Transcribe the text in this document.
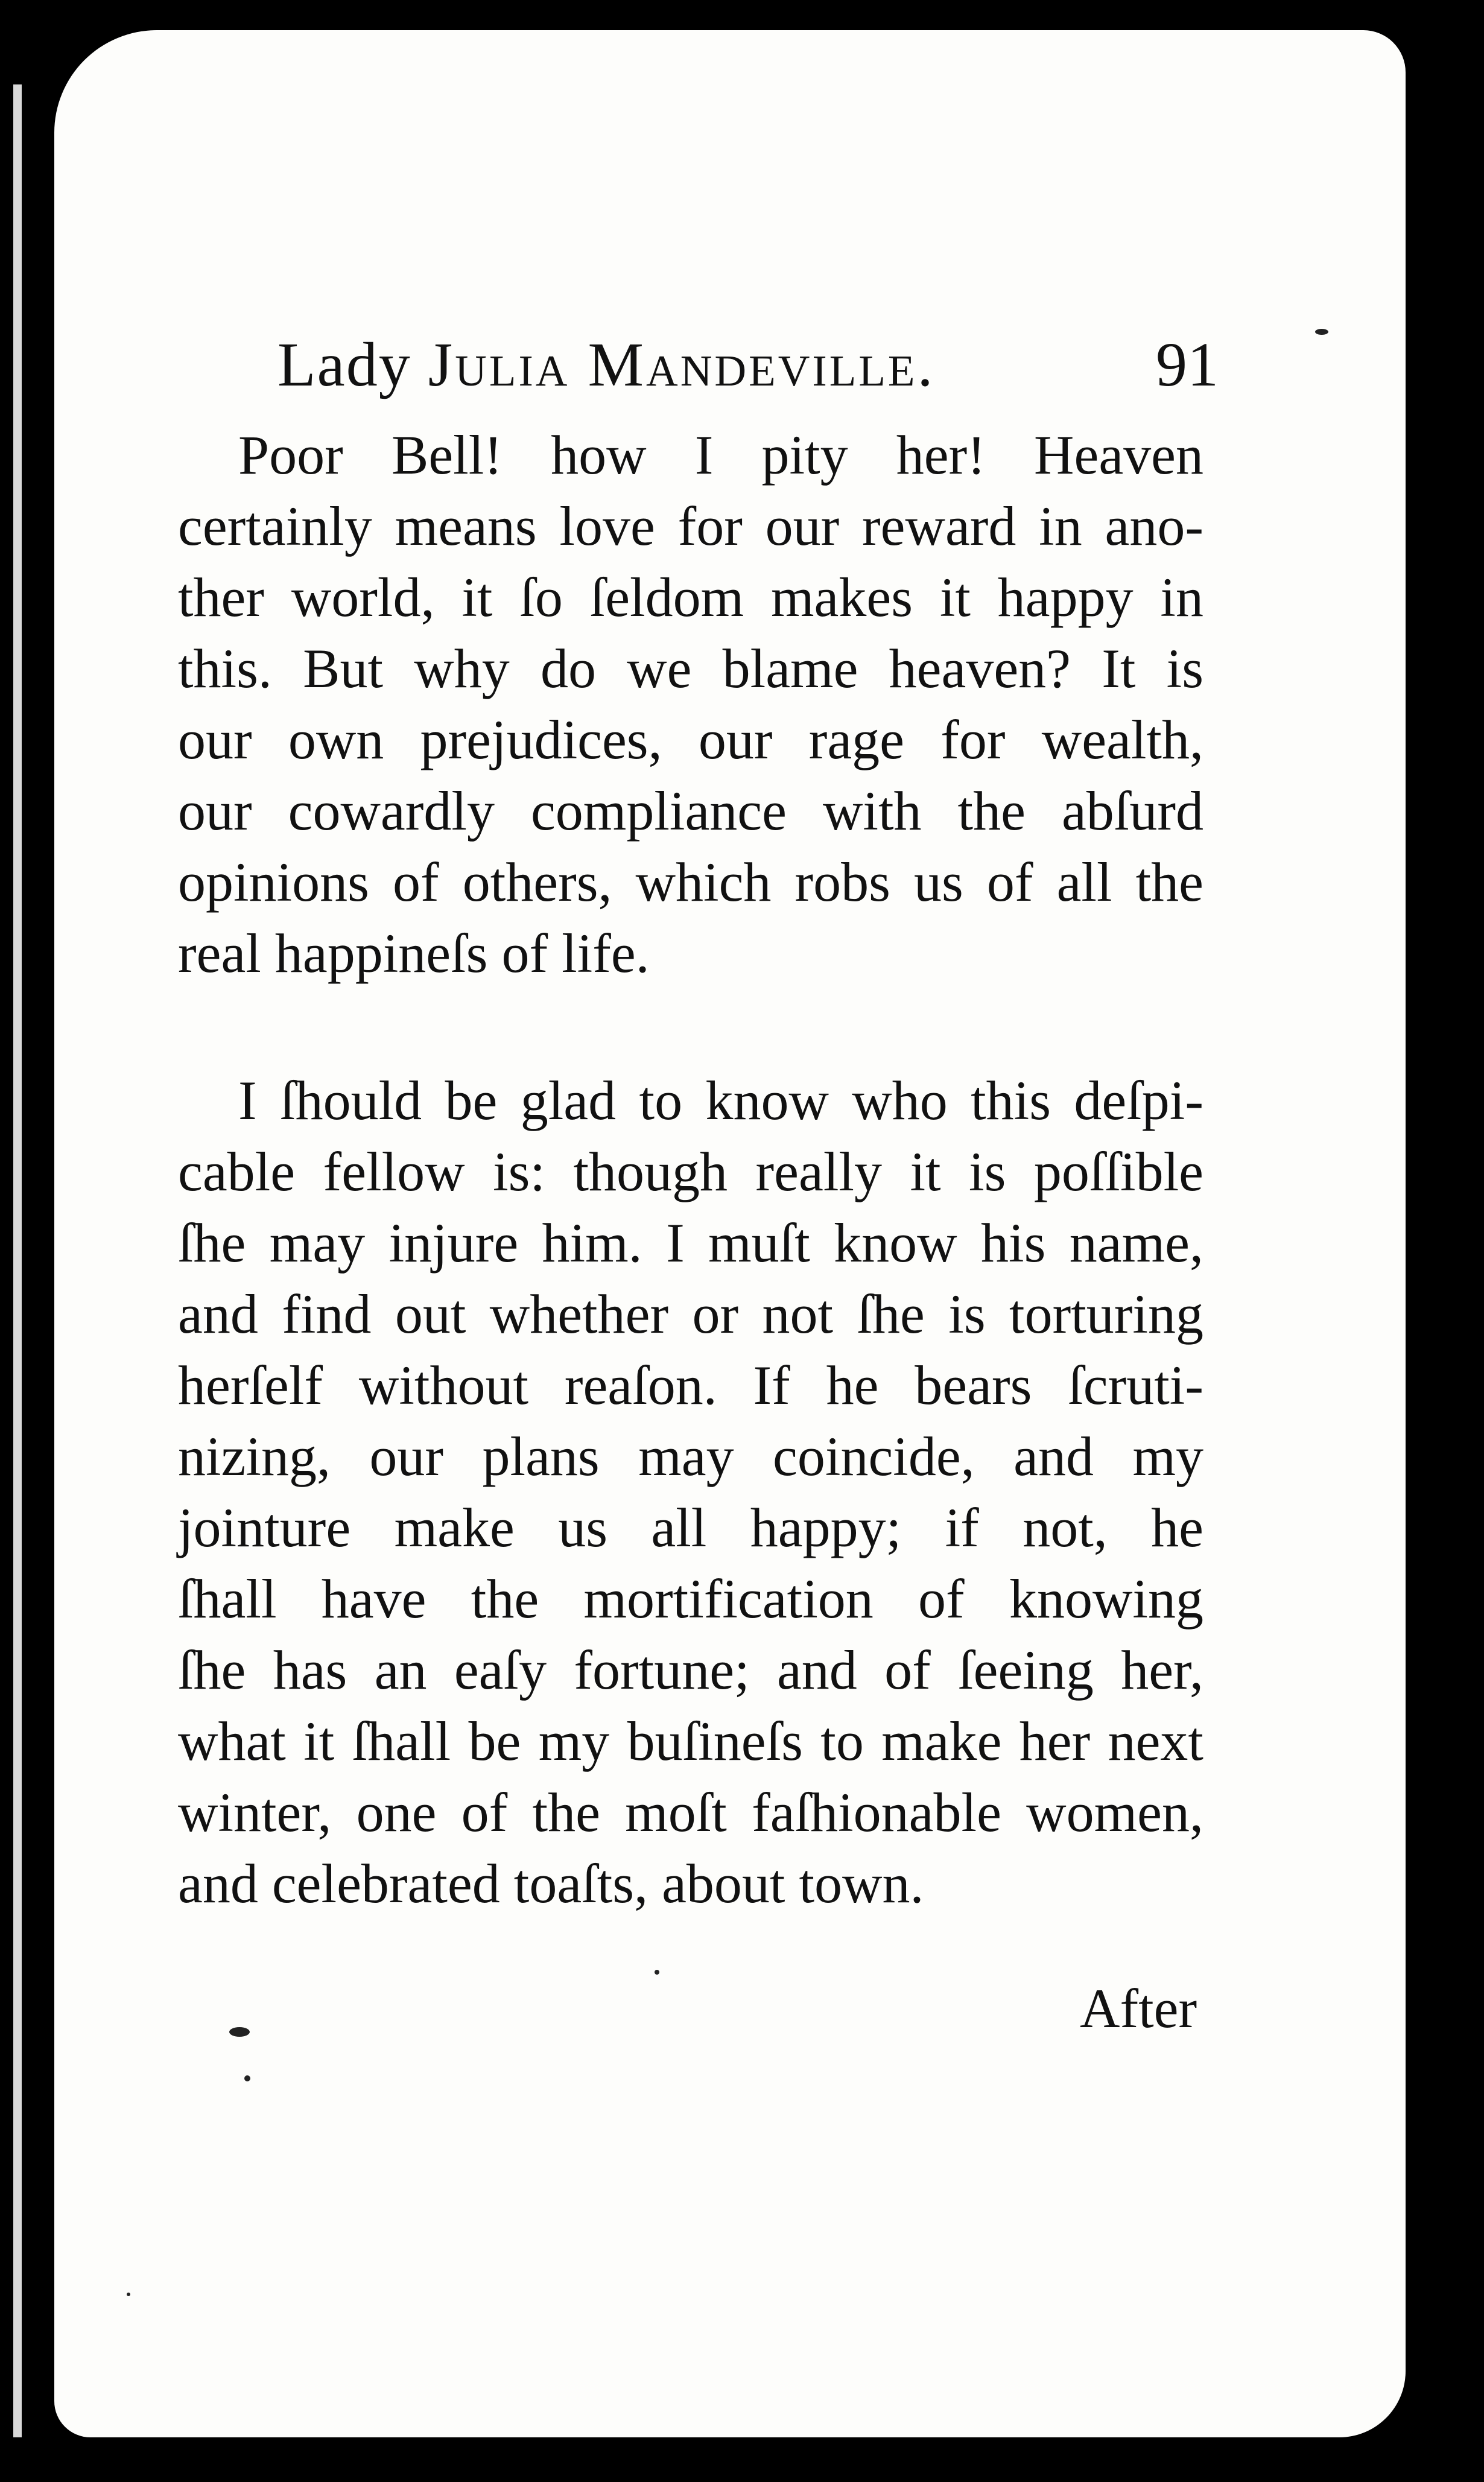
Lady Julia Mandeville.	91
Poor Bell! how I pity her! Heaven
certainly means love for our reward in ano-
ther world, it ſo ſeldom makes it happy in
this. But why do we blame heaven? It is
our own prejudices, our rage for wealth,
our cowardly compliance with the abſurd
opinions of others, which robs us of all the
real happineſs of life.
I ſhould be glad to know who this deſpi-
cable fellow is: though really it is poſſible
ſhe may injure him. I muſt know his name,
and find out whether or not ſhe is torturing
herſelf without reaſon. If he bears ſcruti-
nizing, our plans may coincide, and my
jointure make us all happy; if not, he
ſhall have the mortification of knowing
ſhe has an eaſy fortune; and of ſeeing her,
what it ſhall be my buſineſs to make her next
winter, one of the moſt faſhionable women,
and celebrated toaſts, about town.
After
